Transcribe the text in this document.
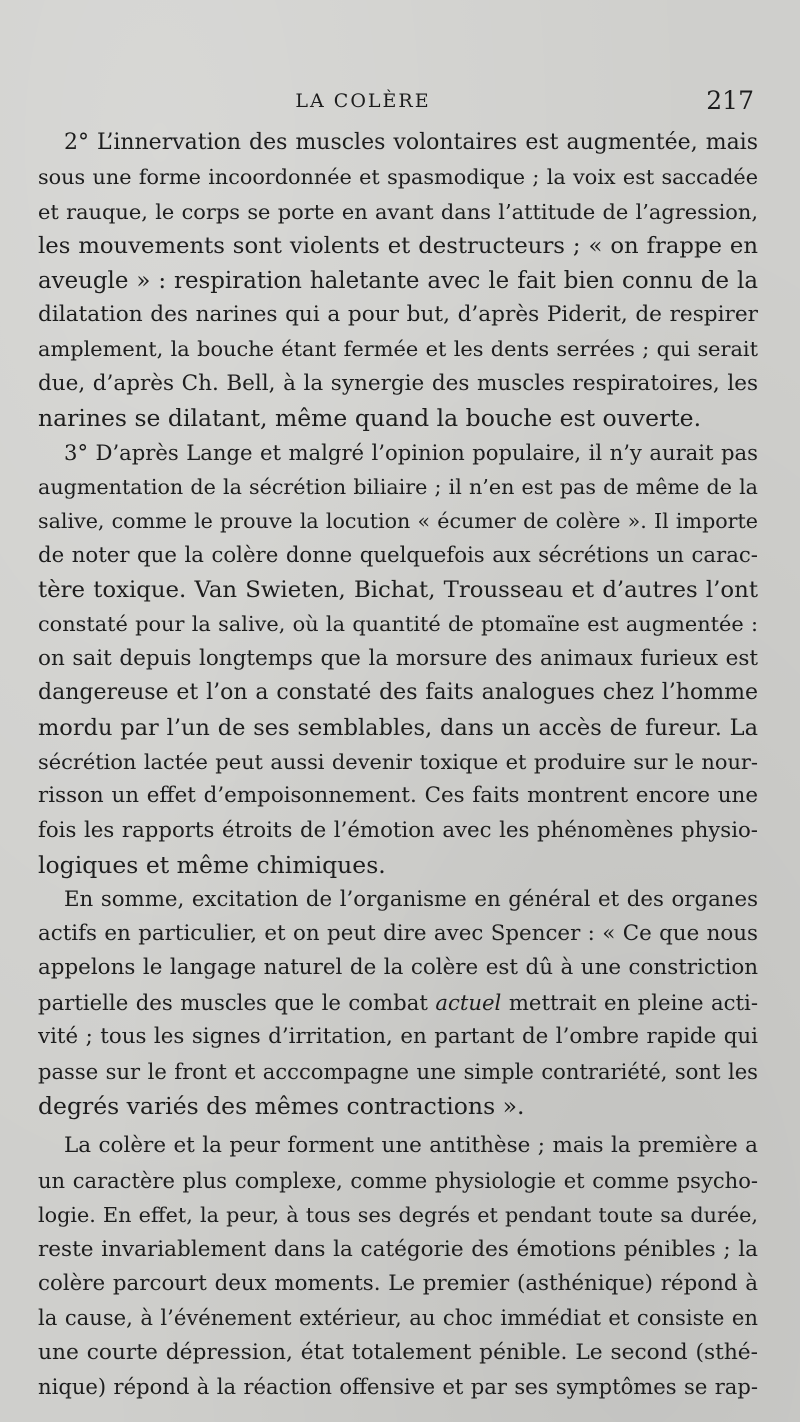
LA COLÈRE	217
2° L’innervation des muscles volontaires est augmentée, mais
sous une forme incoordonnée et spasmodique ; la voix est saccadée
et rauque, le corps se porte en avant dans l’attitude de l’agression,
les mouvements sont violents et destructeurs ; « on frappe en
aveugle » : respiration haletante avec le fait bien connu de la
dilatation des narines qui a pour but, d’après Piderit, de respirer
amplement, la bouche étant fermée et les dents serrées ; qui serait
due, d’après Ch. Bell, à la synergie des muscles respiratoires, les
narines se dilatant, même quand la bouche est ouverte.
3° D’après Lange et malgré l’opinion populaire, il n’y aurait pas
augmentation de la sécrétion biliaire ; il n’en est pas de même de la
salive, comme le prouve la locution « écumer de colère ». Il importe
de noter que la colère donne quelquefois aux sécrétions un carac-
tère toxique. Van Swieten, Bichat, Trousseau et d’autres l’ont
constaté pour la salive, où la quantité de ptomaïne est augmentée :
on sait depuis longtemps que la morsure des animaux furieux est
dangereuse et l’on a constaté des faits analogues chez l’homme
mordu par l’un de ses semblables, dans un accès de fureur. La
sécrétion lactée peut aussi devenir toxique et produire sur le nour-
risson un effet d’empoisonnement. Ces faits montrent encore une
fois les rapports étroits de l’émotion avec les phénomènes physio-
logiques et même chimiques.
En somme, excitation de l’organisme en général et des organes
actifs en particulier, et on peut dire avec Spencer : « Ce que nous
appelons le langage naturel de la colère est dû à une constriction
partielle des muscles que le combat actuel mettrait en pleine acti-
vité ; tous les signes d’irritation, en partant de l’ombre rapide qui
passe sur le front et acccompagne une simple contrariété, sont les
degrés variés des mêmes contractions ».
La colère et la peur forment une antithèse ; mais la première a
un caractère plus complexe, comme physiologie et comme psycho-
logie. En effet, la peur, à tous ses degrés et pendant toute sa durée,
reste invariablement dans la catégorie des émotions pénibles ; la
colère parcourt deux moments. Le premier (asthénique) répond à
la cause, à l’événement extérieur, au choc immédiat et consiste en
une courte dépression, état totalement pénible. Le second (sthé-
nique) répond à la réaction offensive et par ses symptômes se rap-
